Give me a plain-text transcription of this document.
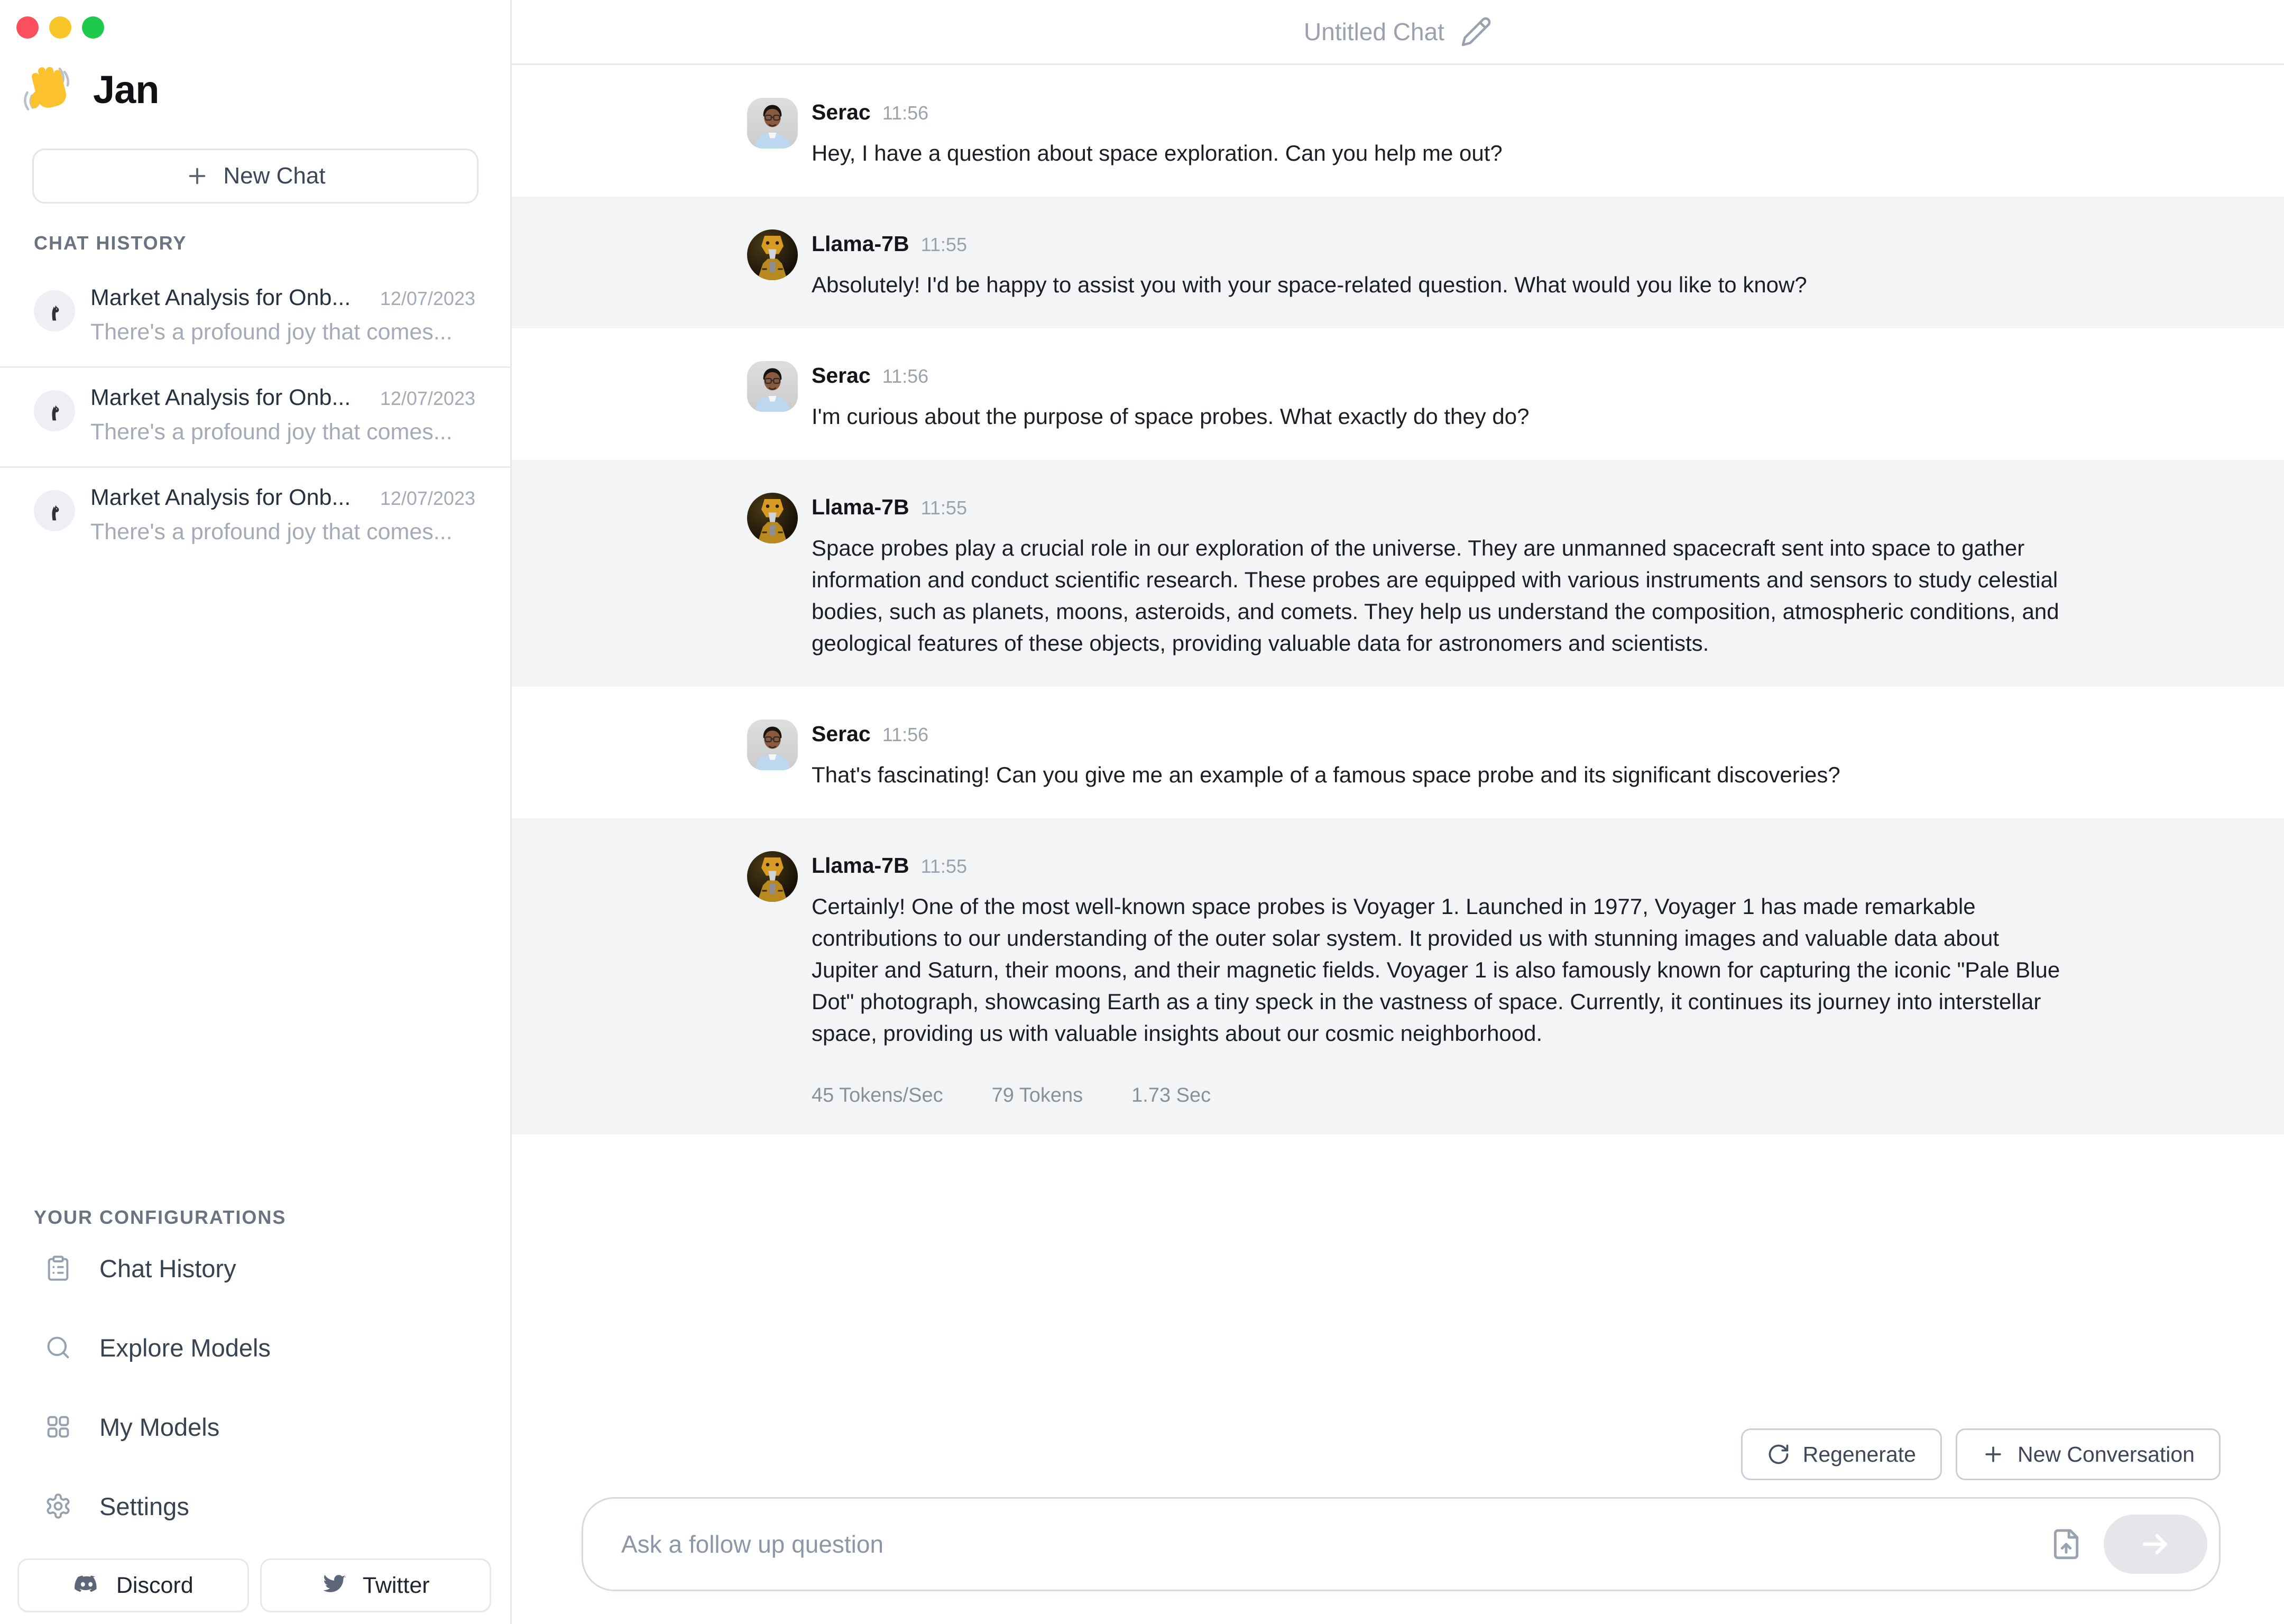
Jan
New Chat
CHAT HISTORY
Market Analysis for Onb... 12/07/2023
There's a profound joy that comes...
Market Analysis for Onb... 12/07/2023
There's a profound joy that comes...
Market Analysis for Onb... 12/07/2023
There's a profound joy that comes...
YOUR CONFIGURATIONS
Chat History
Explore Models
My Models
Settings
Discord	Twitter
Untitled Chat
Serac 11:56
Hey, I have a question about space exploration. Can you help me out?
Llama-7B 11:55
Absolutely! I'd be happy to assist you with your space-related question. What would you like to know?
Serac 11:56
I'm curious about the purpose of space probes. What exactly do they do?
Llama-7B 11:55
Space probes play a crucial role in our exploration of the universe. They are unmanned spacecraft sent into space to gather information and conduct scientific research. These probes are equipped with various instruments and sensors to study celestial bodies, such as planets, moons, asteroids, and comets. They help us understand the composition, atmospheric conditions, and geological features of these objects, providing valuable data for astronomers and scientists.
Serac 11:56
That's fascinating! Can you give me an example of a famous space probe and its significant discoveries?
Llama-7B 11:55
Certainly! One of the most well-known space probes is Voyager 1. Launched in 1977, Voyager 1 has made remarkable contributions to our understanding of the outer solar system. It provided us with stunning images and valuable data about Jupiter and Saturn, their moons, and their magnetic fields. Voyager 1 is also famously known for capturing the iconic "Pale Blue Dot" photograph, showcasing Earth as a tiny speck in the vastness of space. Currently, it continues its journey into interstellar space, providing us with valuable insights about our cosmic neighborhood.
45 Tokens/Sec 79 Tokens 1.73 Sec
Regenerate	New Conversation
Ask a follow up question
